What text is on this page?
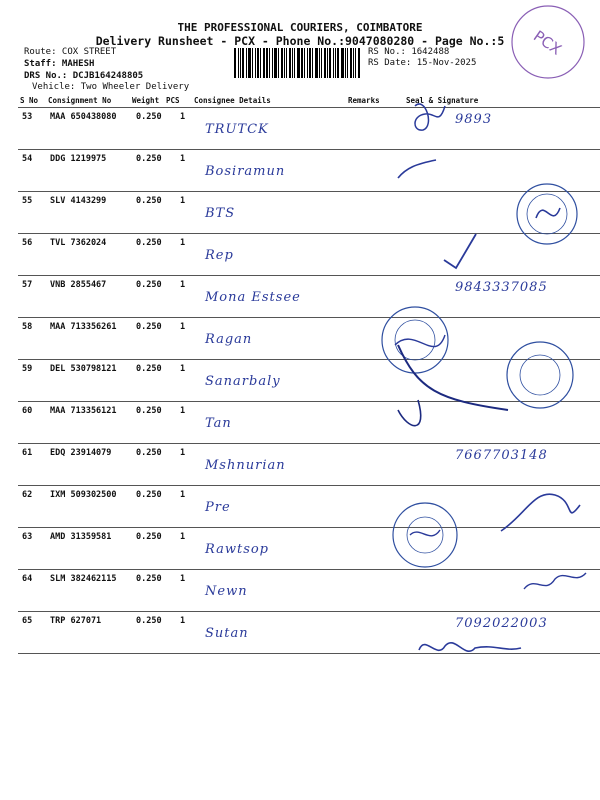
THE PROFESSIONAL COURIERS, COIMBATORE
Delivery Runsheet - PCX - Phone No.:9047080280 - Page No.:5
Route: COX STREET
Staff: MAHESH
DRS No.: DCJB164248805
Vehicle: Two Wheeler Delivery
RS No.: 1642488
RS Date: 15-Nov-2025
PCX
S No Consignment No	Weight PCS Consignee Details	Remarks	Seal & Signature
53 MAA 650438080 0.250 1
TRUTCK
9893
54 DDG 1219975	0.250 1
Bosiramun
55 SLV 4143299	0.250 1
BTS
56 TVL 7362024	0.250 1
Rep
57 VNB 2855467	0.250 1
Mona Estsee
9843337085
58 MAA 713356261 0.250 1
Ragan
59 DEL 530798121 0.250 1
Sanarbaly
60 MAA 713356121 0.250 1
Tan
61 EDQ 23914079	0.250 1
Mshnurian
7667703148
62 IXM 509302500 0.250 1
Pre
63 AMD 31359581	0.250 1
Rawtsop
64 SLM 382462115 0.250 1
Newn
65 TRP 627071	0.250 1
Sutan
7092022003
